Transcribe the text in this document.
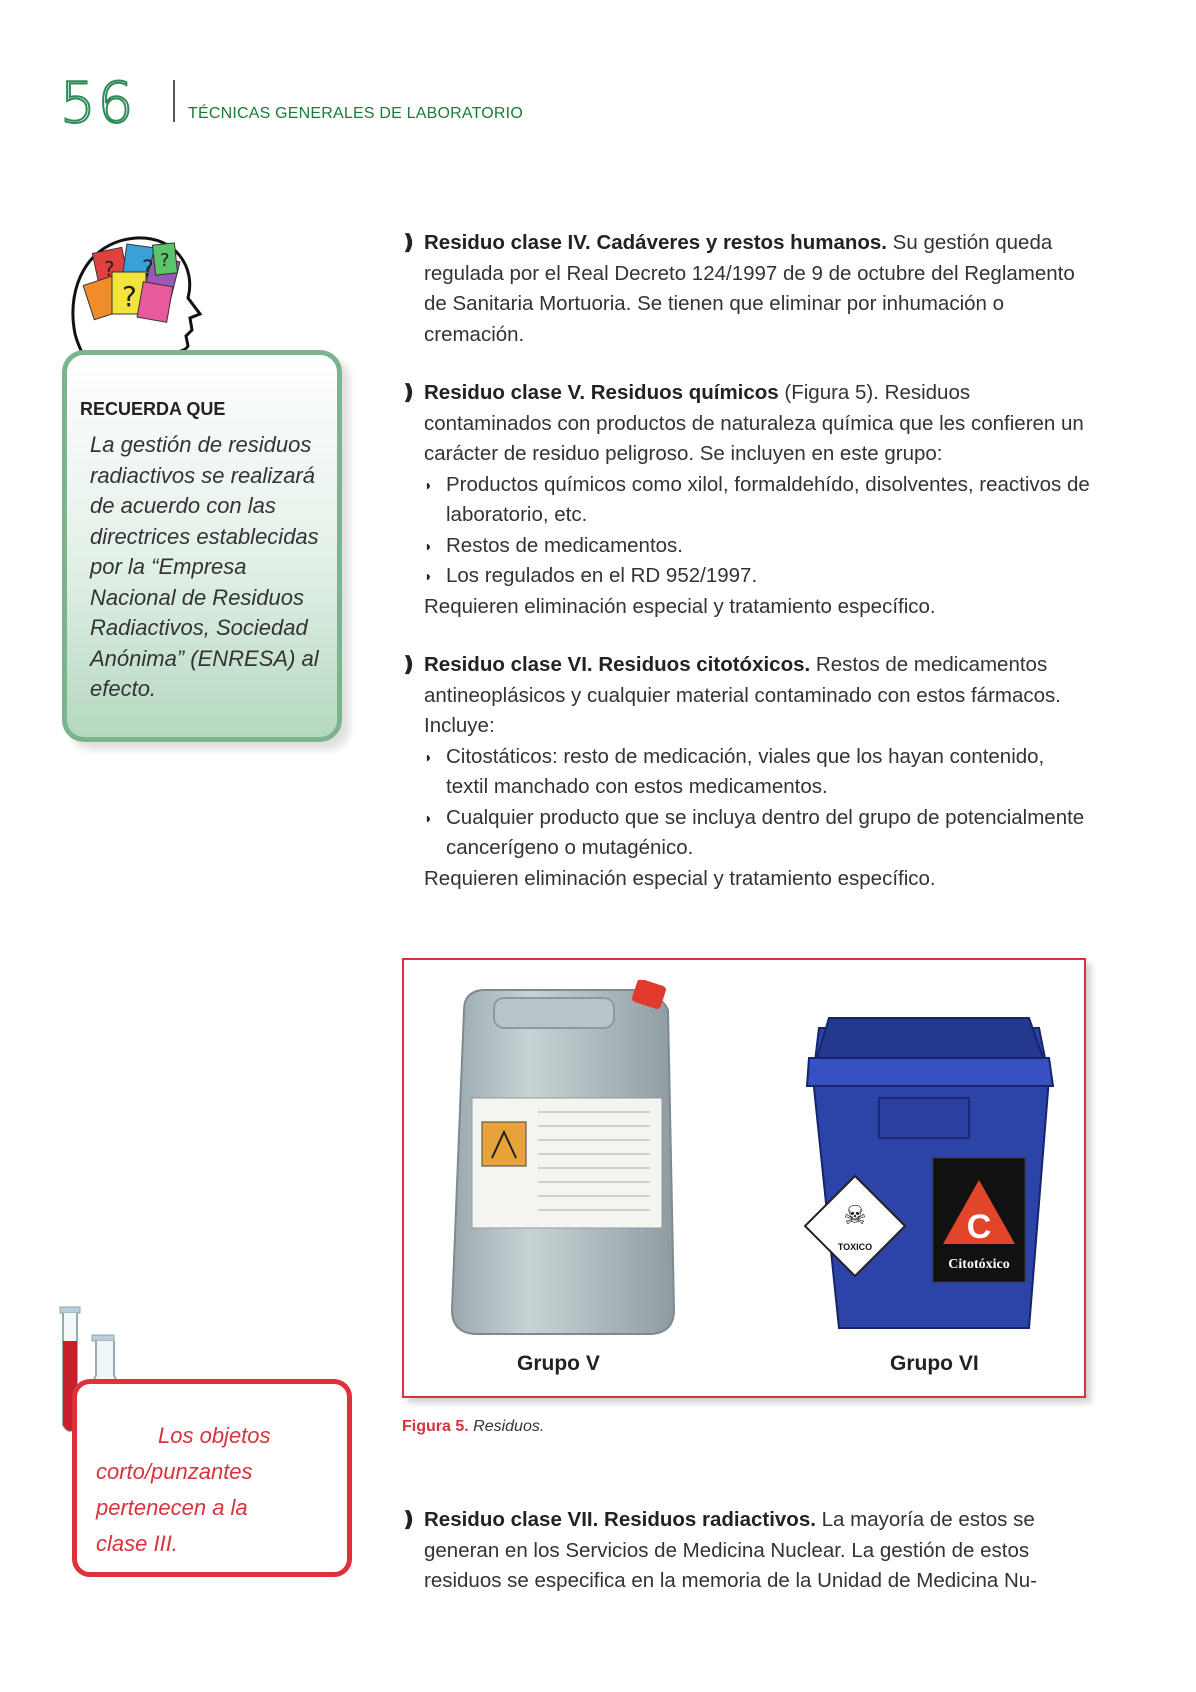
56	TÉCNICAS GENERALES DE LABORATORIO
?
?
?	?
RECUERDA QUE
La gestión de residuos radiactivos se realizará de acuerdo con las directrices establecidas por la “Empresa Nacional de Residuos Radiactivos, Sociedad Anónima” (ENRESA) al efecto.
❫ Residuo clase IV. Cadáveres y restos humanos. Su gestión queda regulada por el Real Decreto 124/1997 de 9 de octubre del Reglamento de Sanitaria Mortuoria. Se tienen que eliminar por inhumación o cremación.
❫ Residuo clase V. Residuos químicos (Figura 5). Residuos contaminados con productos de naturaleza química que les confieren un carácter de residuo peligroso. Se incluyen en este grupo:
◗ Productos químicos como xilol, formaldehído, disolventes, reactivos de laboratorio, etc.
◗ Restos de medicamentos.
◗ Los regulados en el RD 952/1997.
Requieren eliminación especial y tratamiento específico.
❫ Residuo clase VI. Residuos citotóxicos. Restos de medicamentos antineoplásicos y cualquier material contaminado con estos fármacos. Incluye:
◗ Citostáticos: resto de medicación, viales que los hayan contenido, textil manchado con estos medicamentos.
◗ Cualquier producto que se incluya dentro del grupo de potencialmente cancerígeno o mutagénico.
Requieren eliminación especial y tratamiento específico.
☠
TOXICO
C
Citotóxico
Grupo V	Grupo VI
Figura 5. Residuos.
Los objetos
corto/punzantes
pertenecen a la
clase III.
❫ Residuo clase VII. Residuos radiactivos. La mayoría de estos se generan en los Servicios de Medicina Nuclear. La gestión de estos residuos se especifica en la memoria de la Unidad de Medicina Nu-
